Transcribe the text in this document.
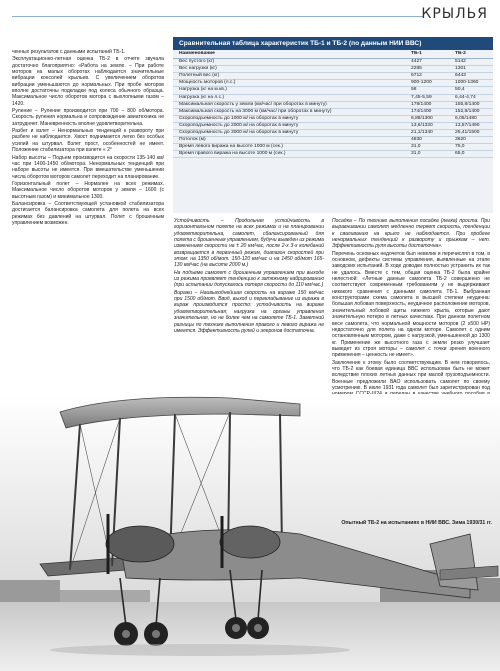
КРЫЛЬЯ

ченных результатов с данными испытаний ТБ-1.

Эксплуатационно-летная оценка ТБ-2 в отчете звучала достаточно благоприятно: «Работа на земле. – При работе моторов на малых оборотах наблюдается значительные вибрации консолей крыльев. С увеличением оборотов вибрации уменьшаются до нормальных. При пробе моторов вполне достаточны подкладки под колеса обычного образца. Максимальное число оборотов мотора с выхлопными газом – 1420.

Руление – Руление производится при 700 – 800 об/мотора. Скорость руления нормальна и сопровождение авиатехника не затрудняет. Маневренность вполне удовлетворительна.

Разбег и взлет – Ненормальных тенденций к развороту при разбеге не наблюдается. Хвост поднимается легко без особых усилий на штурвал. Взлет прост, особенностей не имеет. Положение стабилизатора при взлете « 2°

Набор высоты – Подъем производится на скорости 135-140 км/час при 1400-1450 об/мотора. Ненормальных тенденций при наборе высоты не имеется. При вмешательстве уменьшении числа оборотов моторов самолет переходит на планирование.

Горизонтальный полет – Нормален на всех режимах. Максимальное число оборотов моторов у земли – 1600 (с высотным газом) и минимальное 1300.

Балансировка – Соответствующей установкой стабилизатора достигается балансировка самолета для полета на всех режимах без давлений на штурвал. Полет с брошенным управлением возможен.

Сравнительная таблица характеристик ТБ-1 и ТБ-2 (по данным НИИ ВВС)
Наименование	ТБ-1	ТБ-2
Вес пустого (кг)	4427	5142
Вес нагрузки (кг)	2285	1301
Полетный вес (кг)	6712	6443
Мощность моторов (л.с.)	900-1200	1000-1360
Нагрузка (кг на м.кв.)	58	50,4
Нагрузка (кг на л.с.)	7,45-5,59	6,44-4,74
Максимальная скорость у земли (км/час/ при оборотах в минуту)	178/1400	155,8/1400
Максимальная скорость на 3000 м (км/час/ при оборотах в минуту)	174/1400	152,8/1400
Скороподъемность до 1000 м/ на оборотах в минуту	6,88/1300	6,05/1480
Скороподъемность до 2000 м/ на оборотах в минуту	13,6/1320	13,57/1490
Скороподъемность до 3000 м/ на оборотах в минуту	21,1/1340	25,41/1500
Потолок (м)	4830	3620
Время левого виража на высоте 1000 м (сек.)	31,0	75,0
Время правого виража на высоте 1000 м (сек.)	31,0	65,0

Устойчивость – Продольная устойчивость в горизонтальном полете на всех режимах и на планировании удовлетворительна, самолет, сбалансированный для полета с брошенным управлением, будучи выведен из режима изменением скорости на ± 20 км/час, после 2-х 3-х колебаний возвращается в первичный режим, диапазон скоростей при этом: на 1350 об/мот. 150-120 км/час и на 1450 об/мот 165-130 км/час (на высоте 2000 м.)

На подъеме самолет с брошенным управлением при выходе из режима проявляет тенденцию к затяжному кабрированию (при испытании допускалось потеря скорости до 110 км/час.)

Виражи – Наивыгоднейшая скорость на вираже 150 км/час при 1500 об/мот. Ввод, выход и перекладывание из виража в вираж производится просто: устойчивость на вираже удовлетворительная; нагрузка на органы управления значительная, но не более чем на самолете ТБ-1. Заметной разницы по технике выполнения правого и левого виража не имеется. Эффективность рулей и элеронов достаточна.

Посадка – По технике выполнения посадка (легка) проста. При выравнивании самолет медленно теряет скорость, тенденции к сваливанию на крыло не наблюдается. При пробеге ненормальных тенденций к развороту и прыжкам – нет. Эффективность руля высоты достаточна».

Перечень основных недочетов был невелик и перечислял в том, в основном, дефекты системы управления, выявленные на этапе заводских испытаний. В ходе доводки полностью устранить их так не удалось. Вместе с тем, общая оценка ТБ-2 была крайне нелестной: «Летные данные самолета ТБ-2 совершенно не соответствуют современным требованиям у не выдерживают никакого сравнения с данными самолета ТБ-1. Выбранная конструкторами схема самолета в высшей степени неудачна: большая лобовая поверхность, неудачное расположение моторов, значительный лобовой щиты нижнего крыла, которые дают значительную потерю в летных качествах. При данном полетном весе самолета, что нормальной мощности моторов (2 x500 HP) недостаточно для полета на одном моторе. Самолет с одним остановленным мотором, даже с нагрузкой, уменьшенной до 1300 кг. Применение же высотного газа с земли резко улучшает выведет из строя моторы – самолет с точки зрения военного применения – ценность не имеет».

Заключение к этому было соответствующим. В нем говорилось, что ТБ-2 как боевая единица ВВС использован быть не может вследствие плохих летных данных при малой грузоподъемности. Военные предложили ВАО использовать самолет по своему усмотрению. В июле 1931 года самолет был зарегистрирован под

Опытный ТБ-2 на испытаниях в НИИ ВВС. Зима 1930/31 гг.
